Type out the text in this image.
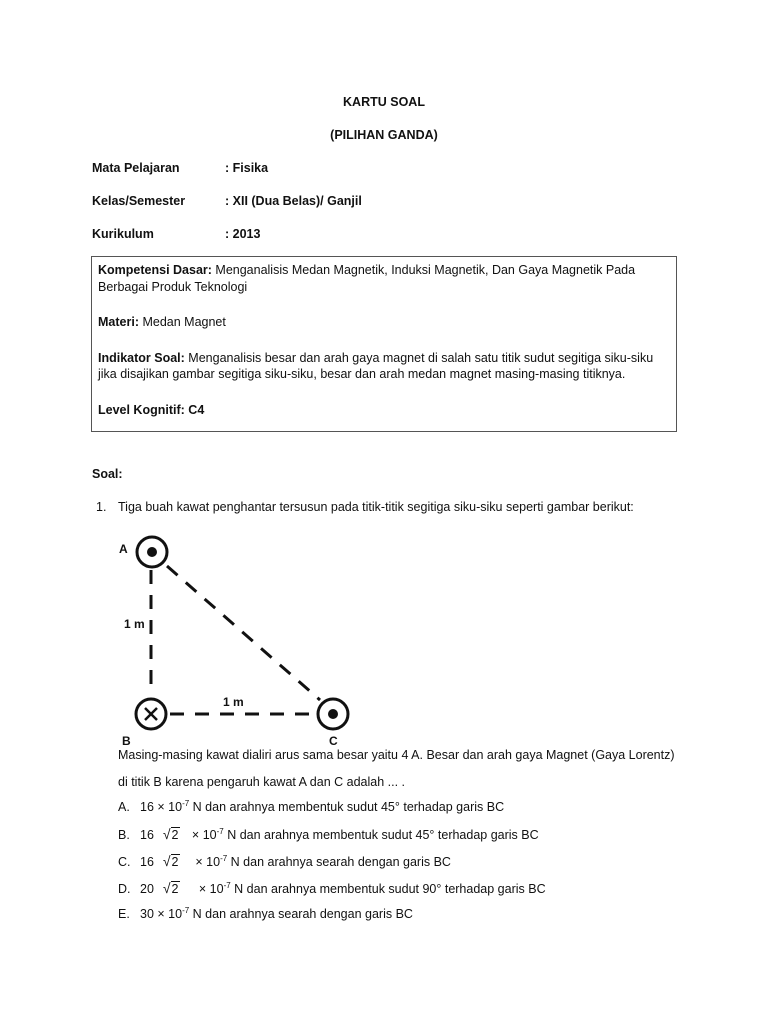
KARTU SOAL
(PILIHAN GANDA)
Mata Pelajaran	: Fisika
Kelas/Semester	: XII (Dua Belas)/ Ganjil
Kurikulum	: 2013

Kompetensi Dasar: Menganalisis Medan Magnetik, Induksi Magnetik, Dan Gaya Magnetik Pada Berbagai Produk Teknologi

Materi: Medan Magnet

Indikator Soal: Menganalisis besar dan arah gaya magnet di salah satu titik sudut segitiga siku-siku jika disajikan gambar segitiga siku-siku, besar dan arah medan magnet masing-masing titiknya.

Level Kognitif: C4

Soal:
1. Tiga buah kawat penghantar tersusun pada titik-titik segitiga siku-siku seperti gambar berikut:
A
1 m
1 m
B	C
Masing-masing kawat dialiri arus sama besar yaitu 4 A. Besar dan arah gaya Magnet (Gaya Lorentz)
di titik B karena pengaruh kawat A dan C adalah ... .
A. $16 \times 10^{-7}$ N dan arahnya membentuk sudut 45° terhadap garis BC
B. 16 $√2 \times 10^{-7}$ N dan arahnya membentuk sudut 45° terhadap garis BC
C. 16 √2    × $10^{-7}$ N dan arahnya searah dengan garis BC
D. 20 √2     × $10^{-7}$ N dan arahnya membentuk sudut 90° terhadap garis BC
E. $30 \times 10^{-7}$ N dan arahnya searah dengan garis BC
